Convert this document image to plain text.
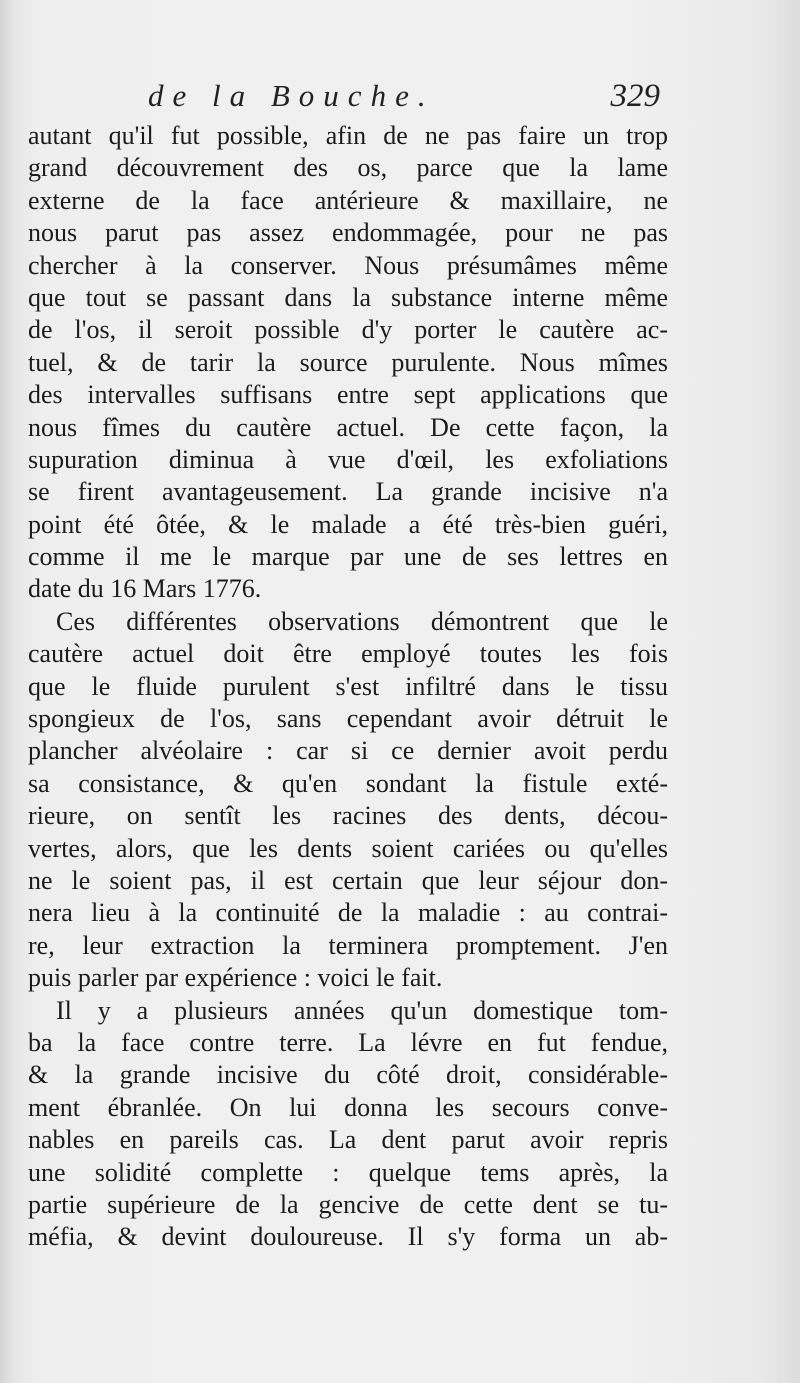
de la Bouche.	329
autant qu'il fut possible, afin de ne pas faire un trop
grand découvrement des os, parce que la lame
externe de la face antérieure & maxillaire, ne
nous parut pas assez endommagée, pour ne pas
chercher à la conserver. Nous présumâmes même
que tout se passant dans la substance interne même
de l'os, il seroit possible d'y porter le cautère ac-
tuel, & de tarir la source purulente. Nous mîmes
des intervalles suffisans entre sept applications que
nous fîmes du cautère actuel. De cette façon, la
supuration diminua à vue d'œil, les exfoliations
se firent avantageusement. La grande incisive n'a
point été ôtée, & le malade a été très-bien guéri,
comme il me le marque par une de ses lettres en
date du 16 Mars 1776.
Ces différentes observations démontrent que le
cautère actuel doit être employé toutes les fois
que le fluide purulent s'est infiltré dans le tissu
spongieux de l'os, sans cependant avoir détruit le
plancher alvéolaire : car si ce dernier avoit perdu
sa consistance, & qu'en sondant la fistule exté-
rieure, on sentît les racines des dents, décou-
vertes, alors, que les dents soient cariées ou qu'elles
ne le soient pas, il est certain que leur séjour don-
nera lieu à la continuité de la maladie : au contrai-
re, leur extraction la terminera promptement. J'en
puis parler par expérience : voici le fait.
Il y a plusieurs années qu'un domestique tom-
ba la face contre terre. La lévre en fut fendue,
& la grande incisive du côté droit, considérable-
ment ébranlée. On lui donna les secours conve-
nables en pareils cas. La dent parut avoir repris
une solidité complette : quelque tems après, la
partie supérieure de la gencive de cette dent se tu-
méfia, & devint douloureuse. Il s'y forma un ab-
